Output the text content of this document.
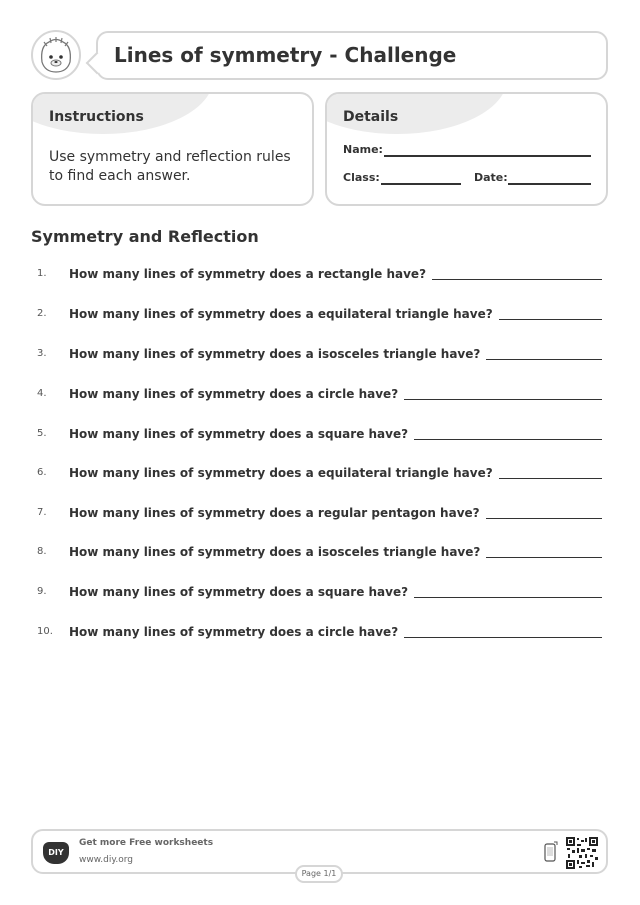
Lines of symmetry - Challenge
Instructions
Use symmetry and reflection rules to find each answer.
Details
Name:
Class:	Date:
Symmetry and Reflection
1.	How many lines of symmetry does a rectangle have?
2.	How many lines of symmetry does a equilateral triangle have?
3.	How many lines of symmetry does a isosceles triangle have?
4.	How many lines of symmetry does a circle have?
5.	How many lines of symmetry does a square have?
6.	How many lines of symmetry does a equilateral triangle have?
7.	How many lines of symmetry does a regular pentagon have?
8.	How many lines of symmetry does a isosceles triangle have?
9.	How many lines of symmetry does a square have?
10.	How many lines of symmetry does a circle have?
DIY
Get more Free worksheets
www.diy.org
Page 1/1
